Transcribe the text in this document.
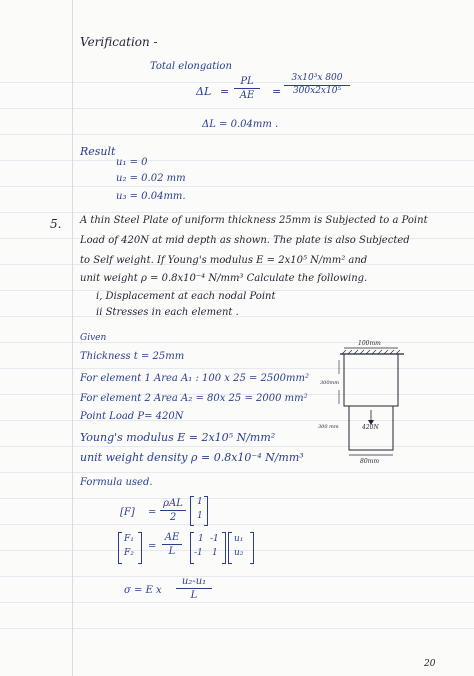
Verification -
Total elongation
ΔL =
PL
AE	=
3x10³x 800
300x2x10⁵
ΔL = 0.04mm .
Result
u₁ = 0
u₂ = 0.02 mm
u₃ = 0.04mm.
5. A thin Steel Plate of uniform thickness 25mm is Subjected to a Point
Load of 420N at mid depth as shown. The plate is also Subjected
to Self weight. If Young's modulus E = 2x10⁵ N/mm² and
unit weight ρ = 0.8x10⁻⁴ N/mm³ Calculate the following.
i, Displacement at each nodal Point
ii Stresses in each element .
Given
Thickness t = 25mm
For element 1 Area A₁ : 100 x 25 = 2500mm²
For element 2 Area A₂ = 80x 25 = 2000 mm²
Point Load P= 420N
Young's modulus E = 2x10⁵ N/mm²
unit weight density ρ = 0.8x10⁻⁴ N/mm³
Formula used.
100mm
300mm
300 mm	420N
80mm
[F] =
ρAL
2
1
1
F₁
F₂
=
AE
L
1 -1
-1 1
u₁
u₂
σ = E x
u₂-u₁
L
20
